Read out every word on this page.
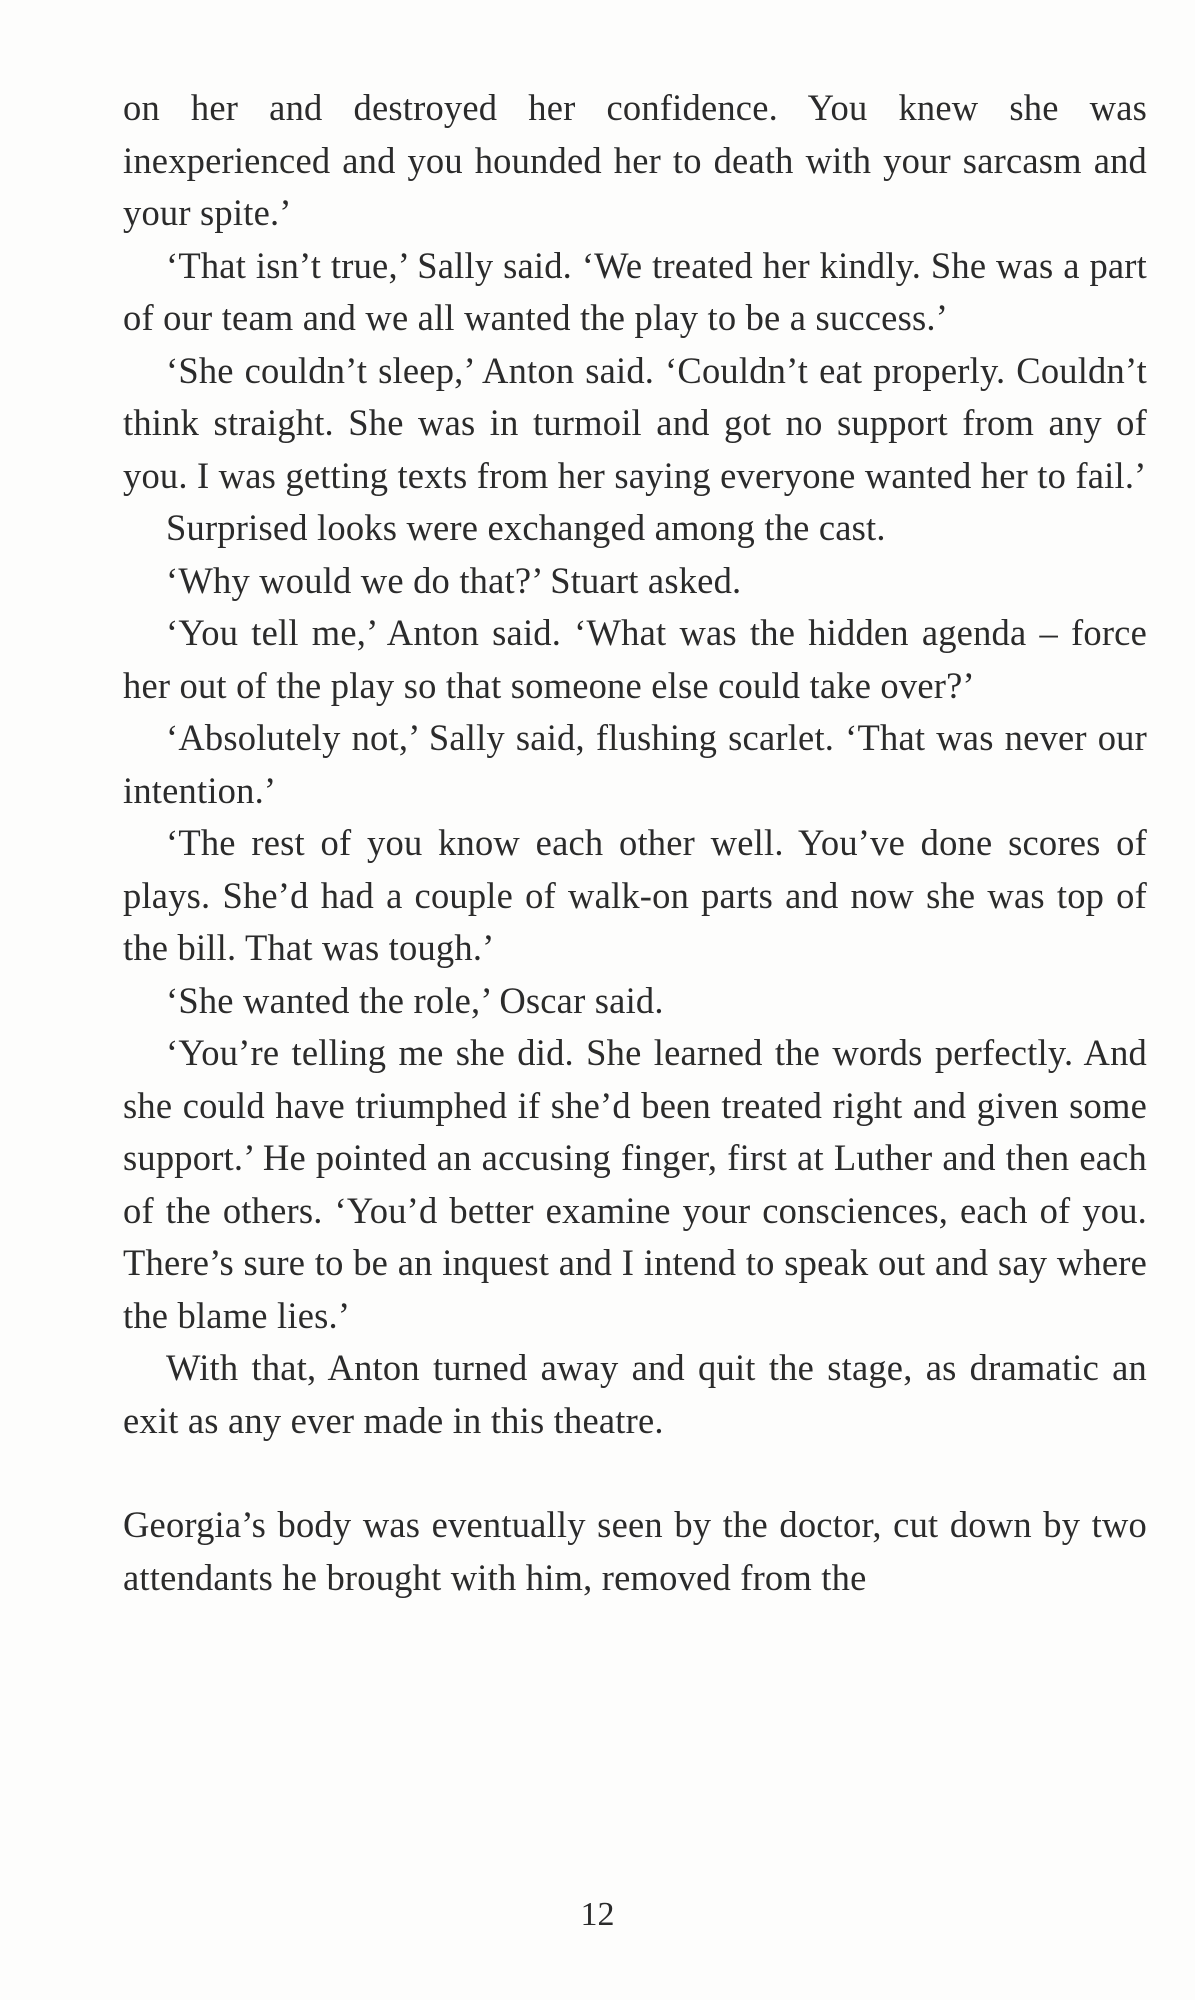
on her and destroyed her confidence. You knew she was inexperienced and you hounded her to death with your sarcasm and your spite.’

‘That isn’t true,’ Sally said. ‘We treated her kindly. She was a part of our team and we all wanted the play to be a success.’

‘She couldn’t sleep,’ Anton said. ‘Couldn’t eat properly. Couldn’t think straight. She was in turmoil and got no support from any of you. I was getting texts from her saying everyone wanted her to fail.’

Surprised looks were exchanged among the cast.

‘Why would we do that?’ Stuart asked.

‘You tell me,’ Anton said. ‘What was the hidden agenda – force her out of the play so that someone else could take over?’

‘Absolutely not,’ Sally said, flushing scarlet. ‘That was never our intention.’

‘The rest of you know each other well. You’ve done scores of plays. She’d had a couple of walk-on parts and now she was top of the bill. That was tough.’

‘She wanted the role,’ Oscar said.

‘You’re telling me she did. She learned the words perfectly. And she could have triumphed if she’d been treated right and given some support.’ He pointed an accusing finger, first at Luther and then each of the others. ‘You’d better examine your consciences, each of you. There’s sure to be an inquest and I intend to speak out and say where the blame lies.’

With that, Anton turned away and quit the stage, as dramatic an exit as any ever made in this theatre.

Georgia’s body was eventually seen by the doctor, cut down by two attendants he brought with him, removed from the

12
